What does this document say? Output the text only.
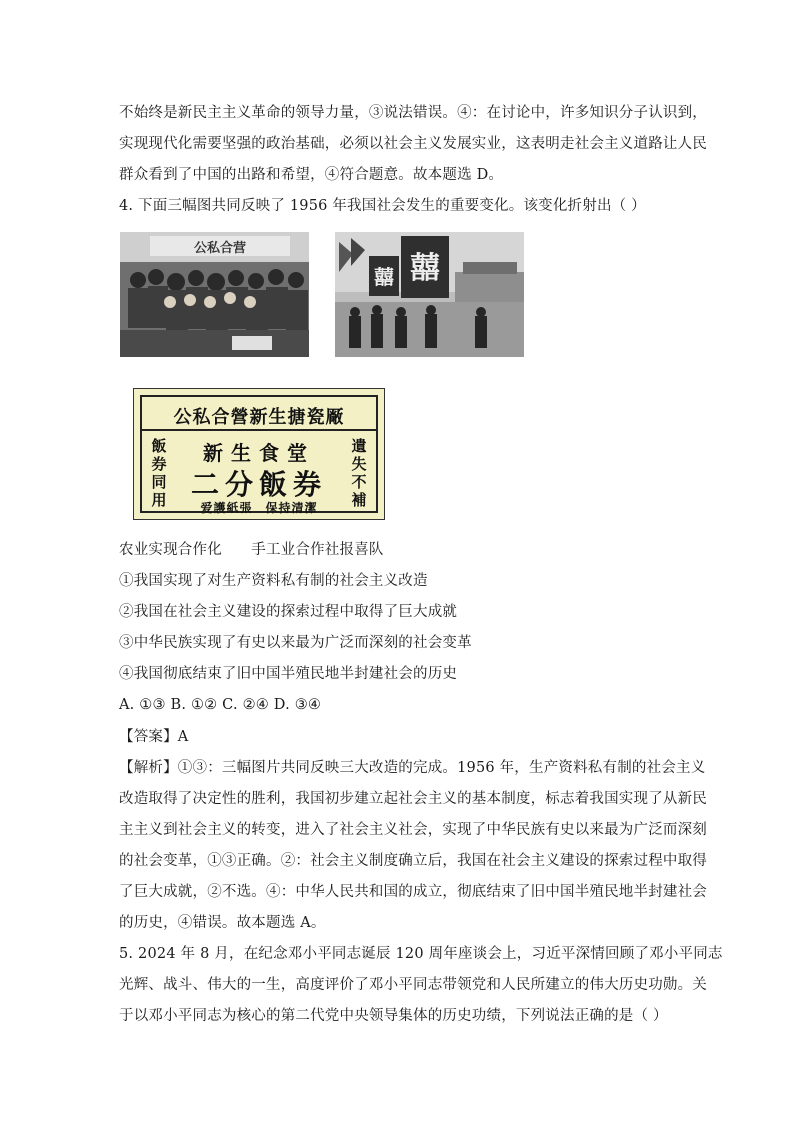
不始终是新民主主义革命的领导力量，③说法错误。④：在讨论中，许多知识分子认识到，
实现现代化需要坚强的政治基础，必须以社会主义发展实业，这表明走社会主义道路让人民
群众看到了中国的出路和希望，④符合题意。故本题选 D。
4. 下面三幅图共同反映了 1956 年我国社会发生的重要变化。该变化折射出（ ）
公私合营
囍
囍
公私合營新生搪瓷厰
飯券同用
新生食堂
二分飯券
遺失不補
爱護紙張　保持清潔
农业实现合作化　　手工业合作社报喜队
①我国实现了对生产资料私有制的社会主义改造
②我国在社会主义建设的探索过程中取得了巨大成就
③中华民族实现了有史以来最为广泛而深刻的社会变革
④我国彻底结束了旧中国半殖民地半封建社会的历史
A. ①③ B. ①② C. ②④ D. ③④
【答案】A
【解析】①③：三幅图片共同反映三大改造的完成。1956 年，生产资料私有制的社会主义
改造取得了决定性的胜利，我国初步建立起社会主义的基本制度，标志着我国实现了从新民
主主义到社会主义的转变，进入了社会主义社会，实现了中华民族有史以来最为广泛而深刻
的社会变革，①③正确。②：社会主义制度确立后，我国在社会主义建设的探索过程中取得
了巨大成就，②不选。④：中华人民共和国的成立，彻底结束了旧中国半殖民地半封建社会
的历史，④错误。故本题选 A。
5. 2024 年 8 月，在纪念邓小平同志诞辰 120 周年座谈会上，习近平深情回顾了邓小平同志
光辉、战斗、伟大的一生，高度评价了邓小平同志带领党和人民所建立的伟大历史功勋。关
于以邓小平同志为核心的第二代党中央领导集体的历史功绩，下列说法正确的是（ ）
